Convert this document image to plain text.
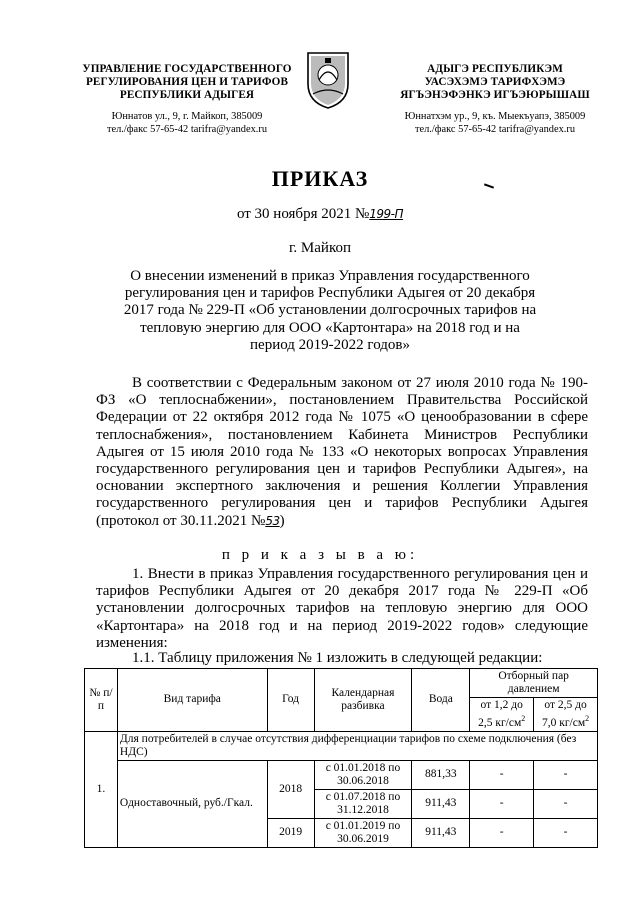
УПРАВЛЕНИЕ ГОСУДАРСТВЕННОГО
РЕГУЛИРОВАНИЯ ЦЕН И ТАРИФОВ
РЕСПУБЛИКИ АДЫГЕЯ
Юннатов ул., 9, г. Майкоп, 385009
тел./факс 57-65-42 tarifra@yandex.ru
АДЫГЭ РЕСПУБЛИКЭМ
УАСЭХЭМЭ ТАРИФХЭМЭ
ЯГЪЭНЭФЭНКЭ ИГЪЭЮРЫШАШ
Юннатхэм ур., 9, къ. Мыекъуапэ, 385009
тел./факс 57-65-42 tarifra@yandex.ru
ПРИКАЗ
от 30 ноября 2021 №199-П
г. Майкоп
О внесении изменений в приказ Управления государственного регулирования цен и тарифов Республики Адыгея от 20 декабря 2017 года № 229-П «Об установлении долгосрочных тарифов на тепловую энергию для ООО «Картонтара» на 2018 год и на период 2019-2022 годов»
В соответствии с Федеральным законом от 27 июля 2010 года № 190-ФЗ «О теплоснабжении», постановлением Правительства Российской Федерации от 22 октября 2012 года № 1075 «О ценообразовании в сфере теплоснабжения», постановлением Кабинета Министров Республики Адыгея от 15 июля 2010 года № 133 «О некоторых вопросах Управления государственного регулирования цен и тарифов Республики Адыгея», на основании экспертного заключения и решения Коллегии Управления государственного регулирования цен и тарифов Республики Адыгея (протокол от 30.11.2021 №53)
п р и к а з ы в а ю:
1. Внести в приказ Управления государственного регулирования цен и тарифов Республики Адыгея от 20 декабря 2017 года № 229-П «Об установлении долгосрочных тарифов на тепловую энергию для ООО «Картонтара» на 2018 год и на период 2019-2022 годов» следующие изменения:
1.1. Таблицу приложения № 1 изложить в следующей редакции:
№ п/п	Вид тарифа	Год	Календарная разбивка	Вода	Отборный пар давлением	
					от 1,2 до 2,5 $кг/см^2$	от 2,5 до 7,0 $кг/см^2$
1.	Для потребителей в случае отсутствия дифференциации тарифов по схеме подключения (без НДС)					
	Одноставочный, руб./Гкал.	2018	с 01.01.2018 по 30.06.2018	881,33	-	-
			с 01.07.2018 по 31.12.2018	911,43	-	-
		2019	с 01.01.2019 по 30.06.2019	911,43	-	-
